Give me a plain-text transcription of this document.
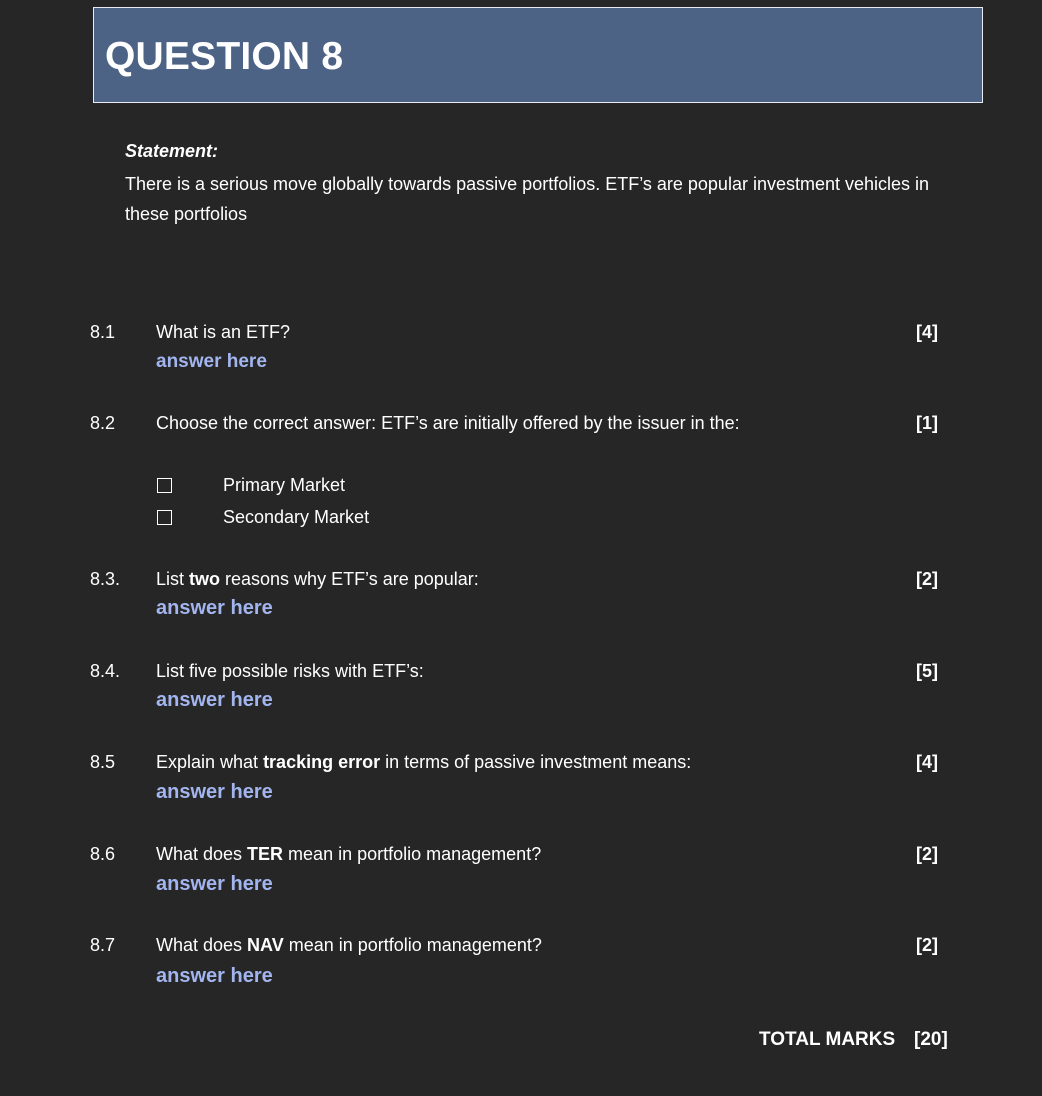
QUESTION 8
Statement:

There is a serious move globally towards passive portfolios. ETF’s are popular investment vehicles in these portfolios

8.1 What is an ETF?	[4]
answer here
8.2 Choose the correct answer: ETF’s are initially offered by the issuer in the:	[1]
Primary Market
Secondary Market
8.3. List two reasons why ETF’s are popular:	[2]
answer here
8.4. List five possible risks with ETF’s:	[5]
answer here
8.5 Explain what tracking error in terms of passive investment means:	[4]
answer here
8.6 What does TER mean in portfolio management?	[2]
answer here
8.7 What does NAV mean in portfolio management?	[2]
answer here
TOTAL MARKS [20]
